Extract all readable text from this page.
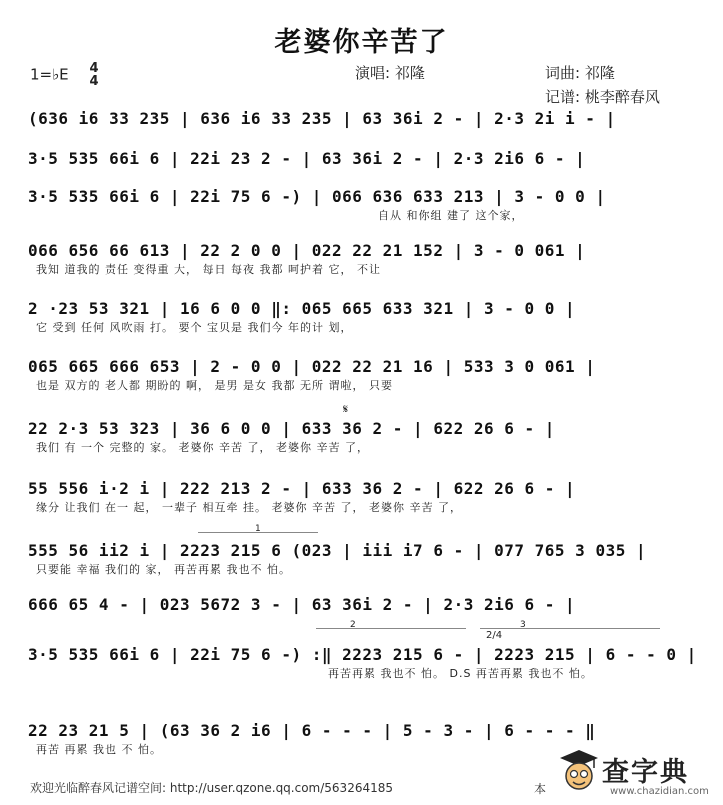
老婆你辛苦了
1=♭E 4
4	演唱: 祁隆	词曲: 祁隆
记谱: 桃李醉春风
(636 i6 33 235 | 636 i6 33 235 | 63 36i 2 - | 2·3 2i i - |
3·5 535 66i 6 | 22i 23 2 - | 63 36i 2 - | 2·3 2i6 6 - |
3·5 535 66i 6 | 22i 75 6 -) | 066 636 633 213 | 3 - 0 0 |
自从 和你组 建了 这个家，
066 656 66 613 | 22 2 0 0 | 022 22 21 152 | 3 - 0 061 |
我知 道我的 责任 变得重 大， 每日 每夜 我都 呵护着 它， 不让
2 ·23 53 321 | 16 6 0 0 ‖: 065 665 633 321 | 3 - 0 0 |
它 受到 任何 风吹雨 打。 要个 宝贝是 我们今 年的计 划，
065 665 666 653 | 2 - 0 0 | 022 22 21 16 | 533 3 0 061 |
也是 双方的 老人都 期盼的 啊， 是男 是女 我都 无所 谓啦， 只要
𝄋
22 2·3 53 323 | 36 6 0 0 | 633 36 2 - | 622 26 6 - |
我们 有 一个 完整的 家。 老婆你 辛苦 了， 老婆你 辛苦 了，
55 556 i·2 i | 222 213 2 - | 633 36 2 - | 622 26 6 - |
缘分 让我们 在一 起， 一辈子 相互牵 挂。 老婆你 辛苦 了， 老婆你 辛苦 了，
1
555 56 ii2 i | 2223 215 6 (023 | iii i7 6 - | 077 765 3 035 |
只要能 幸福 我们的 家， 再苦再累 我也不 怕。
666 65 4 - | 023 5672 3 - | 63 36i 2 - | 2·3 2i6 6 - |
2	3
2/4
3·5 535 66i 6 | 22i 75 6 -) :‖ 2223 215 6 - | 2223 215 | 6 - - 0 |
再苦再累 我也不 怕。 D.S 再苦再累 我也不 怕。
22 23 21 5 | (63 36 2 i6 | 6 - - - | 5 - 3 - | 6 - - - ‖
再苦 再累 我也 不 怕。
欢迎光临醉春风记谱空间: http://user.qzone.qq.com/563264185	本
查字典
www.chazidian.com
